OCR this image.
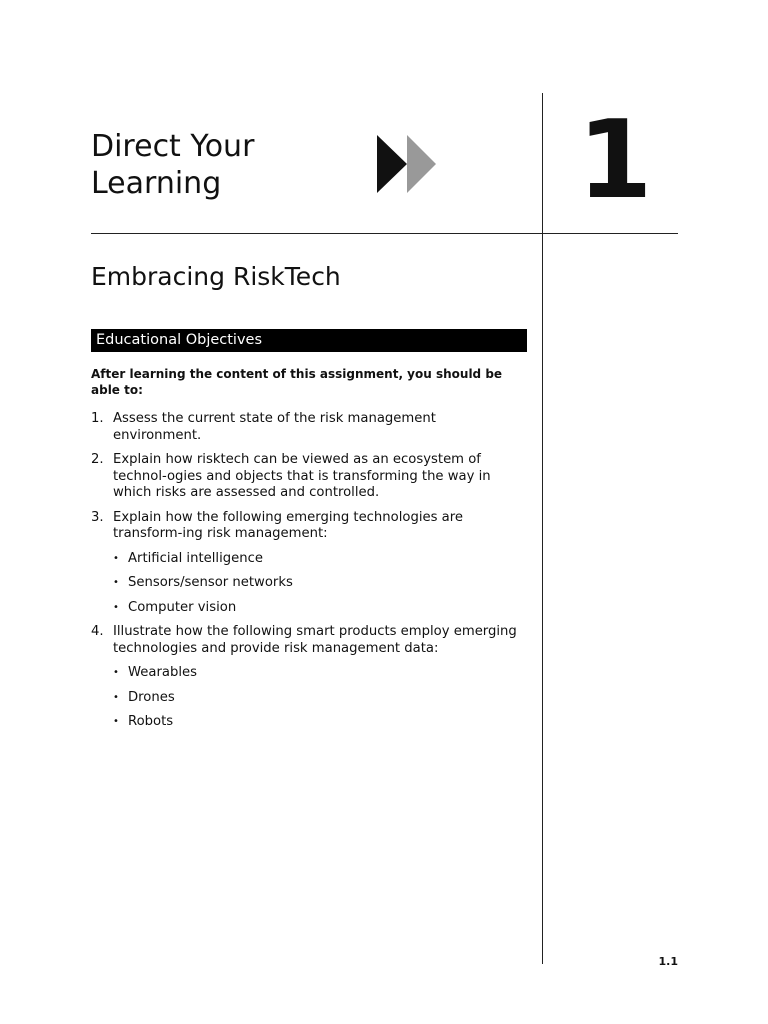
Direct Your
Learning	1
Embracing RiskTech
Educational Objectives
After learning the content of this assignment, you should be able to:
1. Assess the current state of the risk management environment.
2. Explain how risktech can be viewed as an ecosystem of technol-ogies and objects that is transforming the way in which risks are assessed and controlled.
3. Explain how the following emerging technologies are transform-ing risk management:
• Artificial intelligence
• Sensors/sensor networks
• Computer vision
4. Illustrate how the following smart products employ emerging technologies and provide risk management data:
• Wearables
• Drones
• Robots
1.1
